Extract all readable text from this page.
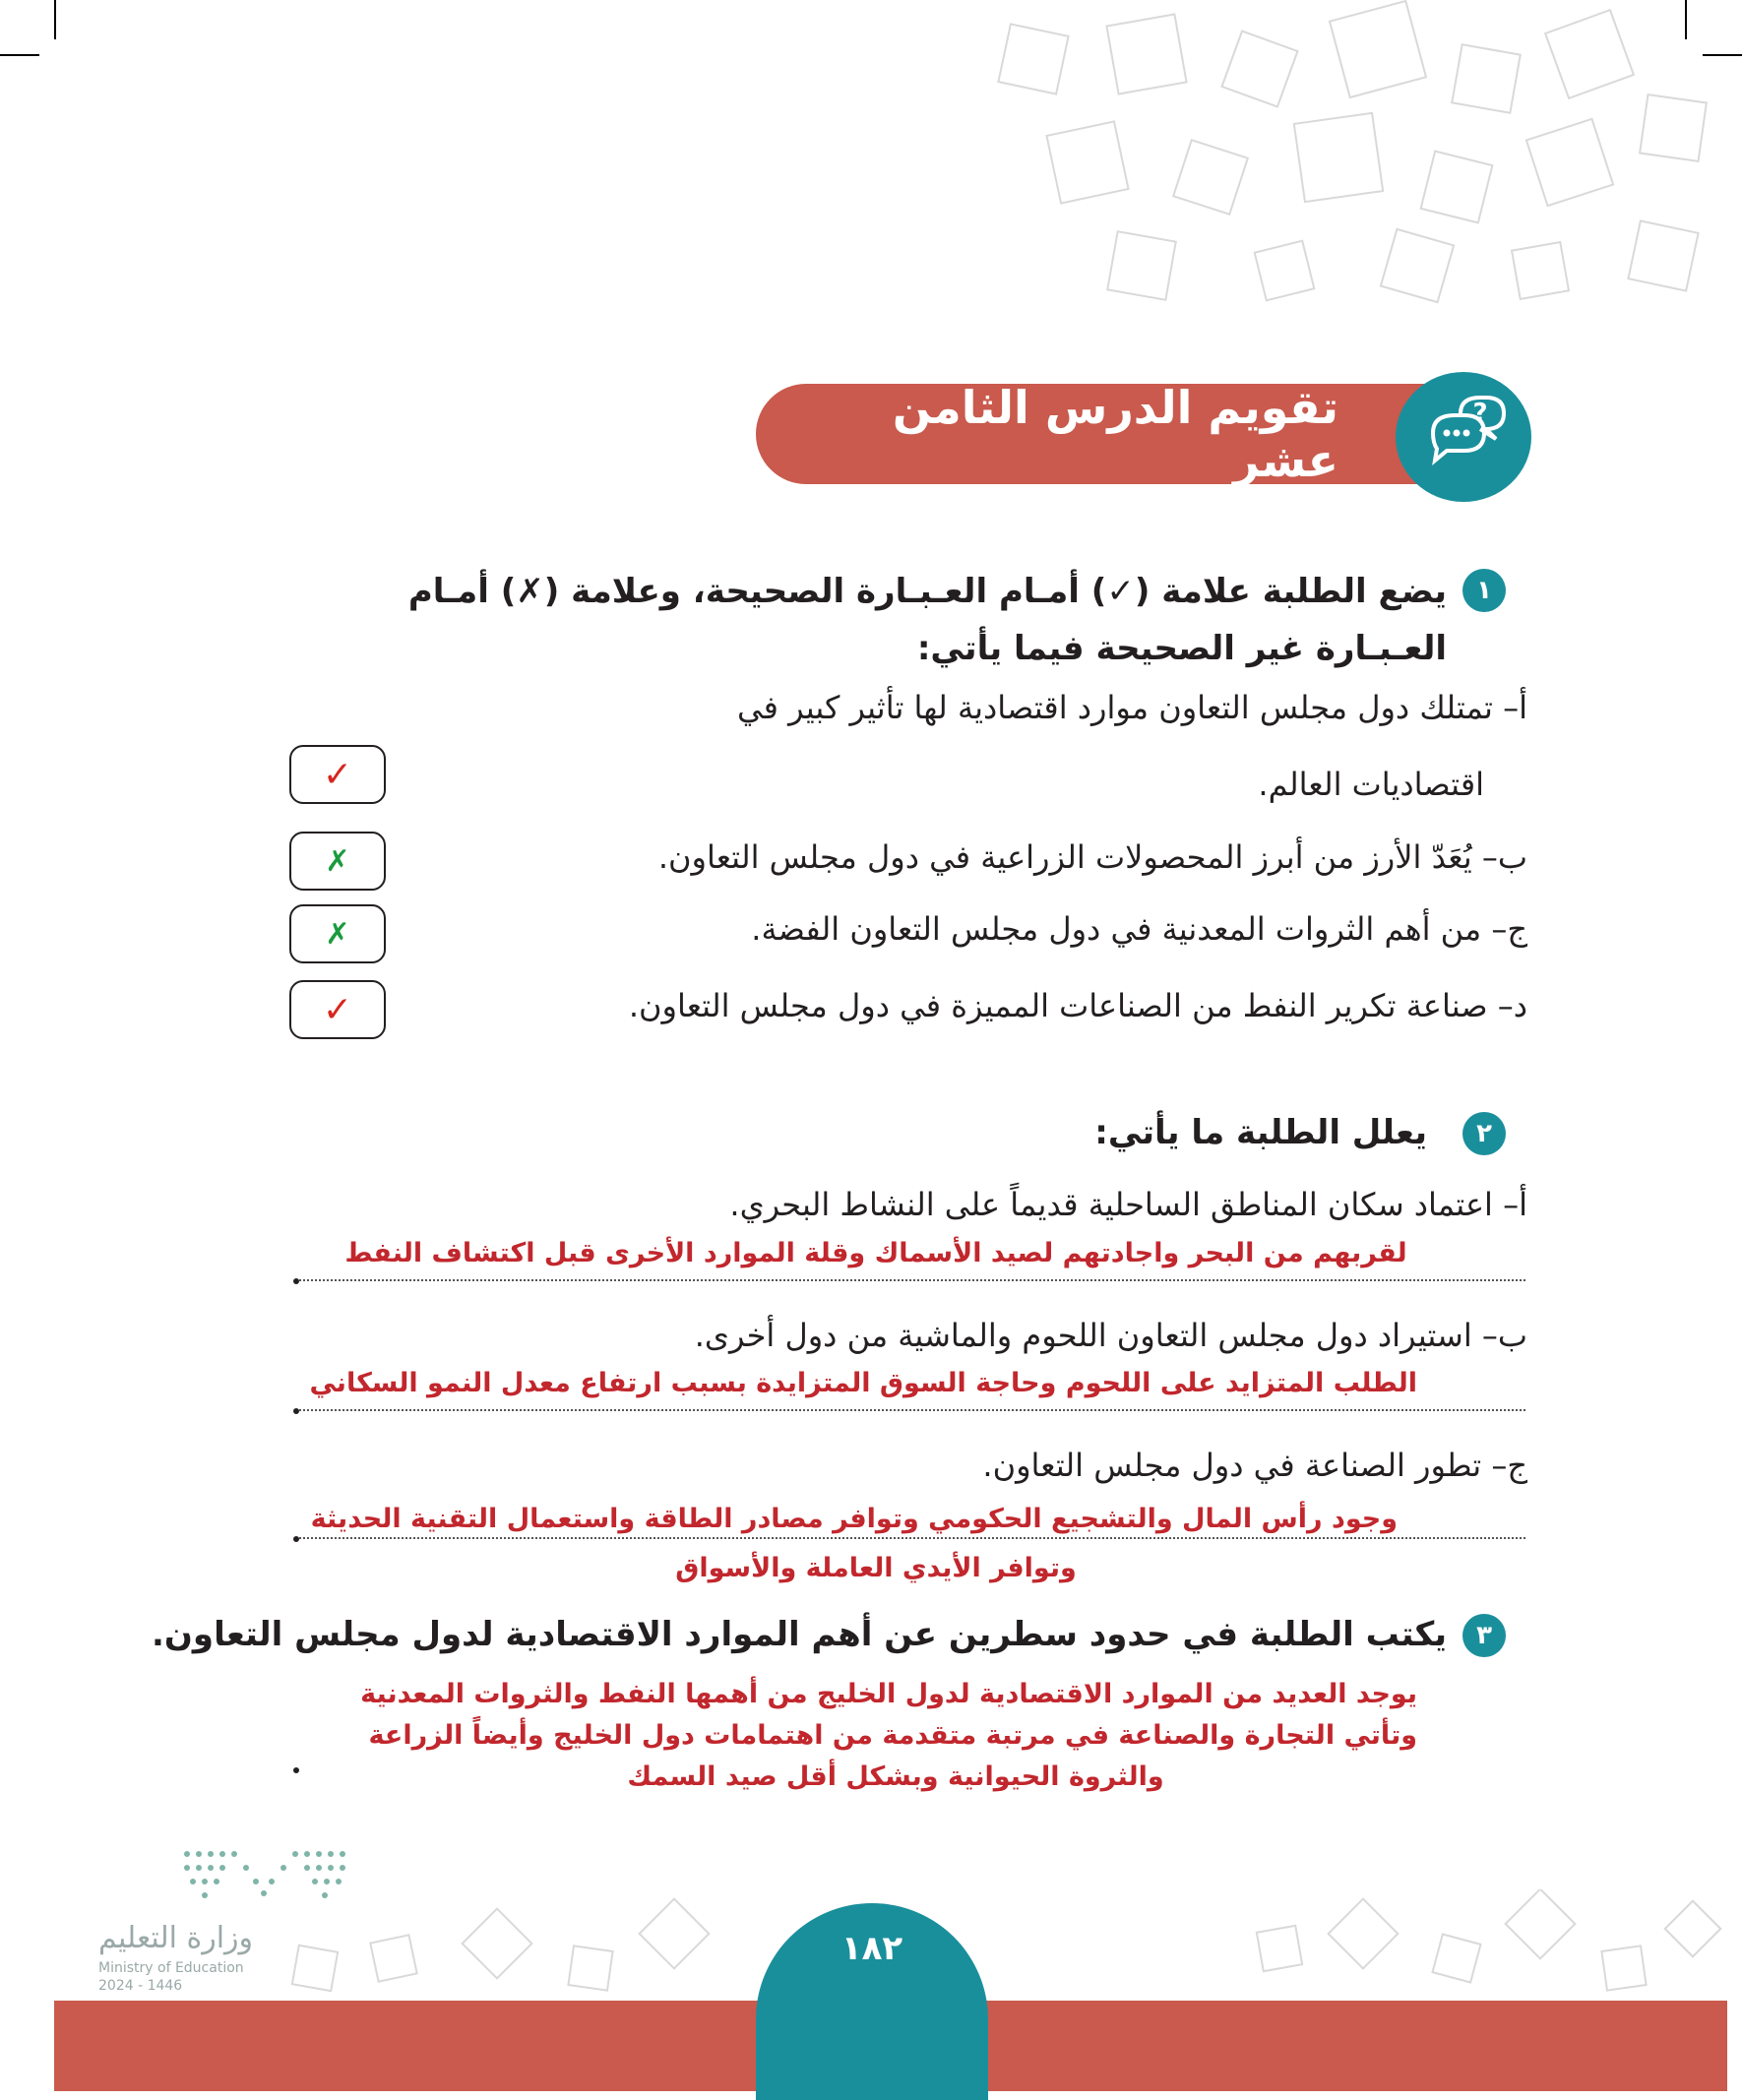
تقويم الدرس الثامن عشر
?
١
يضع الطلبة علامة (✓) أمـام العـبـارة الصحيحة، وعلامة (✗) أمـام العـبـارة غير الصحيحة فيما يأتي:
أ– تمتلك دول مجلس التعاون موارد اقتصادية لها تأثير كبير في
اقتصاديات العالم.
ب– يُعَدّ الأرز من أبرز المحصولات الزراعية في دول مجلس التعاون.
ج– من أهم الثروات المعدنية في دول مجلس التعاون الفضة.
د– صناعة تكرير النفط من الصناعات المميزة في دول مجلس التعاون.
✓
✗
✗
✓
٢
يعلل الطلبة ما يأتي:
أ– اعتماد سكان المناطق الساحلية قديماً على النشاط البحري.
لقربهم من البحر واجادتهم لصيد الأسماك وقلة الموارد الأخرى قبل اكتشاف النفط
ب– استيراد دول مجلس التعاون اللحوم والماشية من دول أخرى.
الطلب المتزايد على اللحوم وحاجة السوق المتزايدة بسبب ارتفاع معدل النمو السكاني
ج– تطور الصناعة في دول مجلس التعاون.
وجود رأس المال والتشجيع الحكومي وتوافر مصادر الطاقة واستعمال التقنية الحديثة
وتوافر الأيدي العاملة والأسواق
٣
يكتب الطلبة في حدود سطرين عن أهم الموارد الاقتصادية لدول مجلس التعاون.
يوجد العديد من الموارد الاقتصادية لدول الخليج من أهمها النفط والثروات المعدنية
وتأتي التجارة والصناعة في مرتبة متقدمة من اهتمامات دول الخليج وأيضاً الزراعة
والثروة الحيوانية وبشكل أقل صيد السمك
وزارة التعليم
Ministry of Education
2024 - 1446
١٨٢
